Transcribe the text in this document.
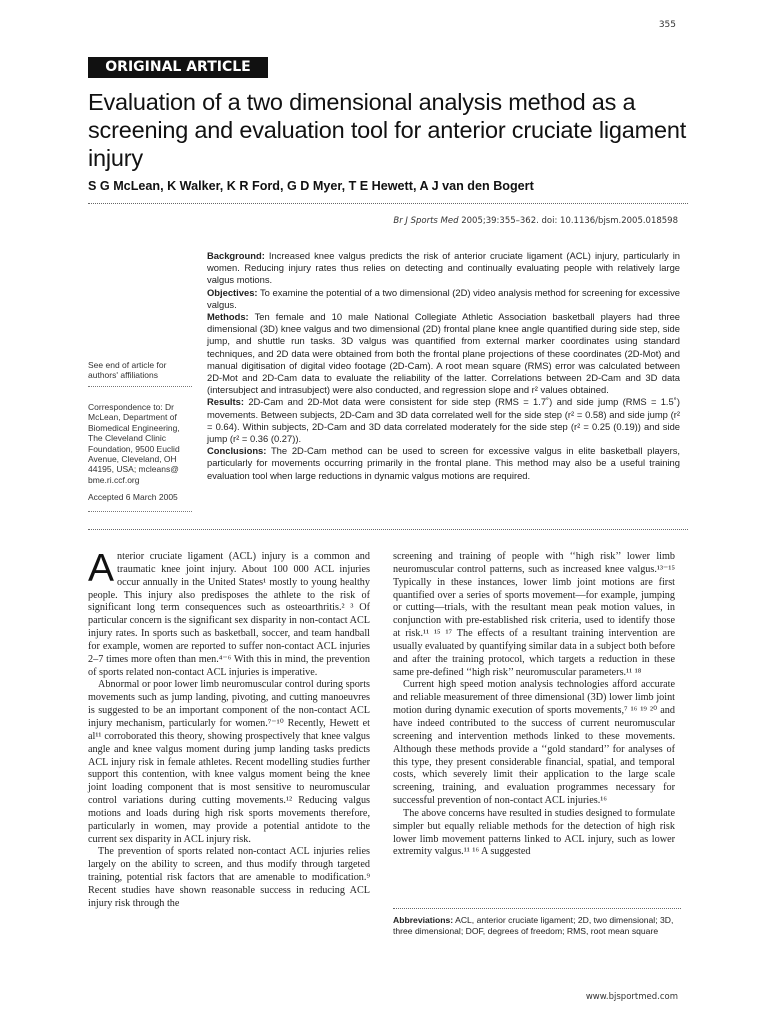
355
ORIGINAL ARTICLE
Evaluation of a two dimensional analysis method as a screening and evaluation tool for anterior cruciate ligament injury
S G McLean, K Walker, K R Ford, G D Myer, T E Hewett, A J van den Bogert
Br J Sports Med 2005;39:355–362. doi: 10.1136/bjsm.2005.018598

Background: Increased knee valgus predicts the risk of anterior cruciate ligament (ACL) injury, particularly in women. Reducing injury rates thus relies on detecting and continually evaluating people with relatively large valgus motions.

Objectives: To examine the potential of a two dimensional (2D) video analysis method for screening for excessive valgus.

Methods: Ten female and 10 male National Collegiate Athletic Association basketball players had three dimensional (3D) knee valgus and two dimensional (2D) frontal plane knee angle quantified during side step, side jump, and shuttle run tasks. 3D valgus was quantified from external marker coordinates using standard techniques, and 2D data were obtained from both the frontal plane projections of these coordinates (2D-Mot) and manual digitisation of digital video footage (2D-Cam). A root mean square (RMS) error was calculated between 2D-Mot and 2D-Cam data to evaluate the reliability of the latter. Correlations between 2D-Cam and 3D data (intersubject and intrasubject) were also conducted, and regression slope and r² values obtained.

Results: 2D-Cam and 2D-Mot data were consistent for side step (RMS = 1.7˚) and side jump (RMS = 1.5˚) movements. Between subjects, 2D-Cam and 3D data correlated well for the side step (r² = 0.58) and side jump (r² = 0.64). Within subjects, 2D-Cam and 3D data correlated moderately for the side step (r² = 0.25 (0.19)) and side jump (r² = 0.36 (0.27)).

Conclusions: The 2D-Cam method can be used to screen for excessive valgus in elite basketball players, particularly for movements occurring primarily in the frontal plane. This method may also be a useful training evaluation tool when large reductions in dynamic valgus motions are required.

See end of article for authors' affiliations
Correspondence to: Dr McLean, Department of Biomedical Engineering, The Cleveland Clinic Foundation, 9500 Euclid Avenue, Cleveland, OH 44195, USA; mcleans@ bme.ri.ccf.org
Accepted 6 March 2005

Anterior cruciate ligament (ACL) injury is a common and traumatic knee joint injury. About 100 000 ACL injuries occur annually in the United States¹ mostly to young healthy people. This injury also predisposes the athlete to the risk of significant long term consequences such as osteoarthritis.² ³ Of particular concern is the significant sex disparity in non-contact ACL injury rates. In sports such as basketball, soccer, and team handball for example, women are reported to suffer non-contact ACL injuries 2–7 times more often than men.⁴⁻⁶ With this in mind, the prevention of sports related non-contact ACL injuries is imperative.

Abnormal or poor lower limb neuromuscular control during sports movements such as jump landing, pivoting, and cutting manoeuvres is suggested to be an important component of the non-contact ACL injury mechanism, particularly for women.⁷⁻¹⁰ Recently, Hewett et al¹¹ corroborated this theory, showing prospectively that knee valgus angle and knee valgus moment during jump landing tasks predicts ACL injury risk in female athletes. Recent modelling studies further support this contention, with knee valgus moment being the knee joint loading component that is most sensitive to neuromuscular control variations during cutting movements.¹² Reducing valgus motions and loads during high risk sports movements therefore, particularly in women, may provide a potential antidote to the current sex disparity in ACL injury risk.

The prevention of sports related non-contact ACL injuries relies largely on the ability to screen, and thus modify through targeted training, potential risk factors that are amenable to modification.⁹ Recent studies have shown reasonable success in reducing ACL injury risk through the

screening and training of people with ‘‘high risk’’ lower limb neuromuscular control patterns, such as increased knee valgus.¹³⁻¹⁵ Typically in these instances, lower limb joint motions are first quantified over a series of sports movement—for example, jumping or cutting—trials, with the resultant mean peak motion values, in conjunction with pre-established risk criteria, used to identify those at risk.¹¹ ¹⁵ ¹⁷ The effects of a resultant training intervention are usually evaluated by quantifying similar data in a subject both before and after the training protocol, which targets a reduction in these same pre-defined ‘‘high risk’’ neuromuscular parameters.¹¹ ¹⁸

Current high speed motion analysis technologies afford accurate and reliable measurement of three dimensional (3D) lower limb joint motion during dynamic execution of sports movements,⁷ ¹⁶ ¹⁹ ²⁰ and have indeed contributed to the success of current neuromuscular screening and intervention methods linked to these movements. Although these methods provide a ‘‘gold standard’’ for analyses of this type, they present considerable financial, spatial, and temporal costs, which severely limit their application to the large scale screening, training, and evaluation programmes necessary for successful prevention of non-contact ACL injuries.¹⁶

The above concerns have resulted in studies designed to formulate simpler but equally reliable methods for the detection of high risk lower limb movement patterns linked to ACL injury, such as lower extremity valgus.¹¹ ¹⁶ A suggested

Abbreviations: ACL, anterior cruciate ligament; 2D, two dimensional; 3D, three dimensional; DOF, degrees of freedom; RMS, root mean square
www.bjsportmed.com
